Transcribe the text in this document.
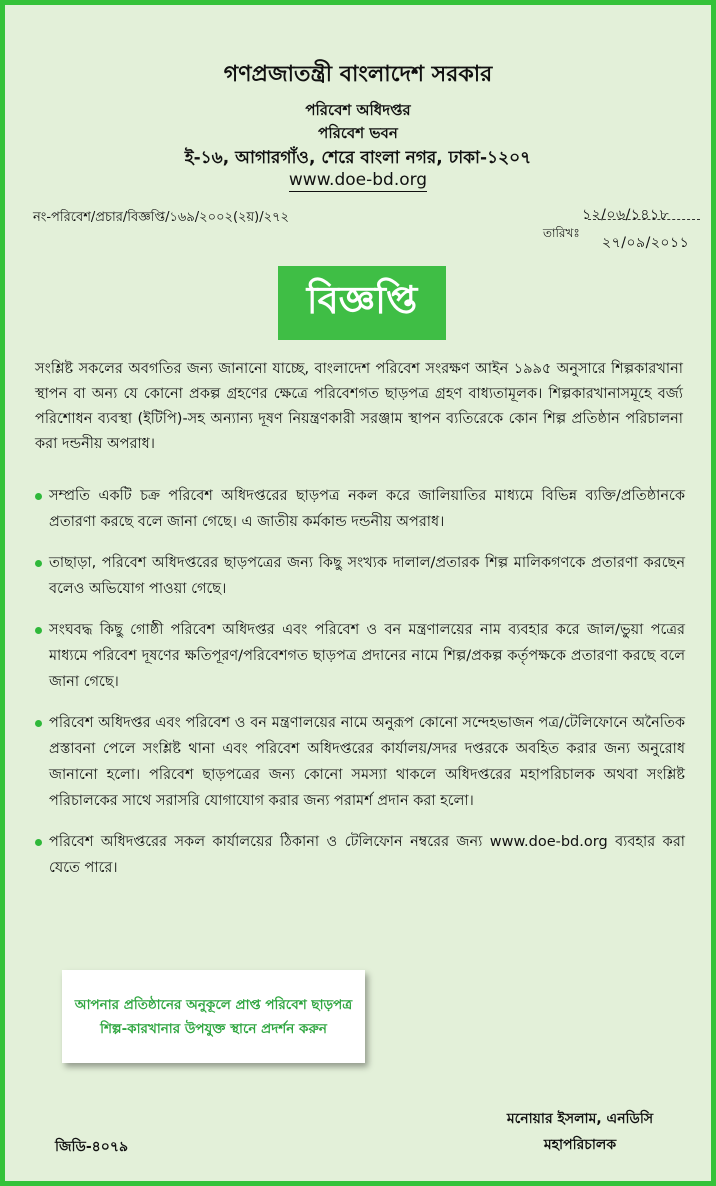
গণপ্রজাতন্ত্রী বাংলাদেশ সরকার
পরিবেশ অধিদপ্তর
পরিবেশ ভবন
ই-১৬, আগারগাঁও, শেরে বাংলা নগর, ঢাকা-১২০৭
www.doe-bd.org
নং-পরিবেশ/প্রচার/বিজ্ঞপ্তি/১৬৯/২০০২(২য়)/২৭২	১২/০৬/১৪১৮
তারিখঃ
২৭/০৯/২০১১
বিজ্ঞপ্তি
সংশ্লিষ্ট সকলের অবগতির জন্য জানানো যাচ্ছে, বাংলাদেশ পরিবেশ সংরক্ষণ আইন ১৯৯৫ অনুসারে শিল্পকারখানা স্থাপন বা অন্য যে কোনো প্রকল্প গ্রহণের ক্ষেত্রে পরিবেশগত ছাড়পত্র গ্রহণ বাধ্যতামূলক। শিল্পকারখানাসমূহে বর্জ্য পরিশোধন ব্যবস্থা (ইটিপি)-সহ অন্যান্য দূষণ নিয়ন্ত্রণকারী সরঞ্জাম স্থাপন ব্যতিরেকে কোন শিল্প প্রতিষ্ঠান পরিচালনা করা দন্ডনীয় অপরাধ।
সম্প্রতি একটি চক্র পরিবেশ অধিদপ্তরের ছাড়পত্র নকল করে জালিয়াতির মাধ্যমে বিভিন্ন ব্যক্তি/প্রতিষ্ঠানকে প্রতারণা করছে বলে জানা গেছে। এ জাতীয় কর্মকান্ড দন্ডনীয় অপরাধ।
তাছাড়া, পরিবেশ অধিদপ্তরের ছাড়পত্রের জন্য কিছু সংখ্যক দালাল/প্রতারক শিল্প মালিকগণকে প্রতারণা করছেন বলেও অভিযোগ পাওয়া গেছে।
সংঘবদ্ধ কিছু গোষ্ঠী পরিবেশ অধিদপ্তর এবং পরিবেশ ও বন মন্ত্রণালয়ের নাম ব্যবহার করে জাল/ভুয়া পত্রের মাধ্যমে পরিবেশ দূষণের ক্ষতিপূরণ/পরিবেশগত ছাড়পত্র প্রদানের নামে শিল্প/প্রকল্প কর্তৃপক্ষকে প্রতারণা করছে বলে জানা গেছে।
পরিবেশ অধিদপ্তর এবং পরিবেশ ও বন মন্ত্রণালয়ের নামে অনুরূপ কোনো সন্দেহভাজন পত্র/টেলিফোনে অনৈতিক প্রস্তাবনা পেলে সংশ্লিষ্ট থানা এবং পরিবেশ অধিদপ্তরের কার্যালয়/সদর দপ্তরকে অবহিত করার জন্য অনুরোধ জানানো হলো। পরিবেশ ছাড়পত্রের জন্য কোনো সমস্যা থাকলে অধিদপ্তরের মহাপরিচালক অথবা সংশ্লিষ্ট পরিচালকের সাথে সরাসরি যোগাযোগ করার জন্য পরামর্শ প্রদান করা হলো।
পরিবেশ অধিদপ্তরের সকল কার্যালয়ের ঠিকানা ও টেলিফোন নম্বরের জন্য www.doe-bd.org ব্যবহার করা যেতে পারে।

আপনার প্রতিষ্ঠানের অনুকূলে প্রাপ্ত পরিবেশ ছাড়পত্র শিল্প-কারখানার উপযুক্ত স্থানে প্রদর্শন করুন

মনোয়ার ইসলাম, এনডিসি
মহাপরিচালক
জিডি-৪০৭৯
